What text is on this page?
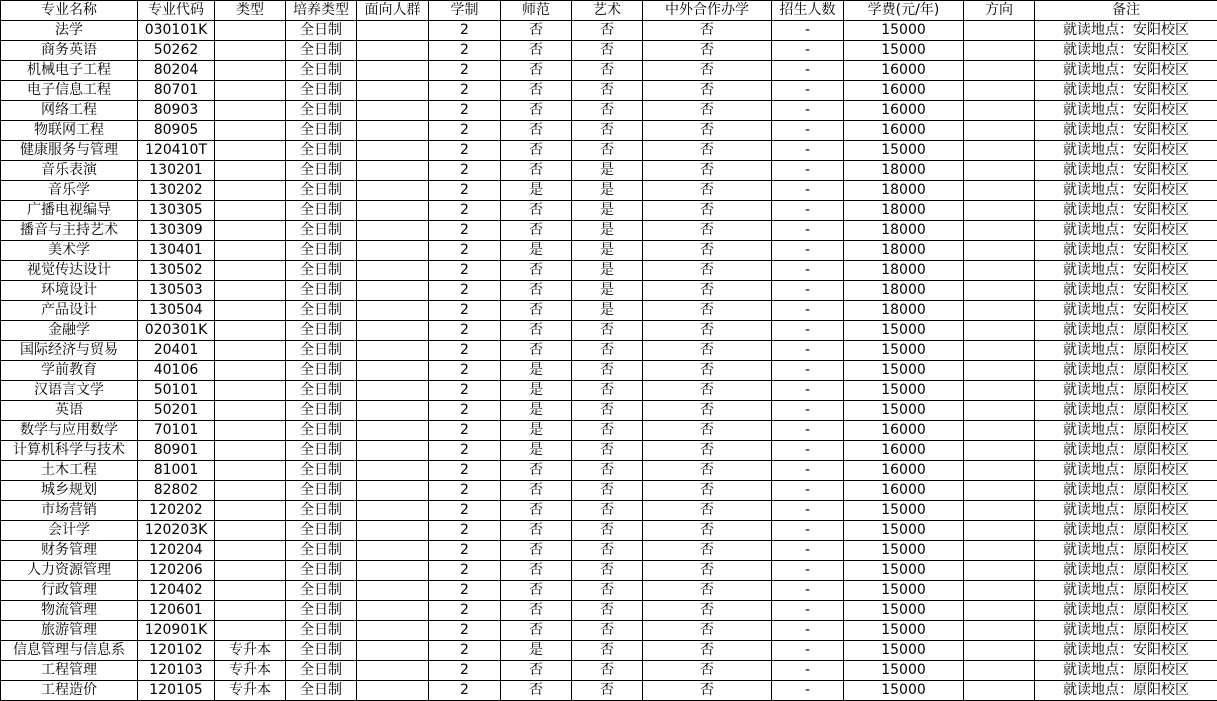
专业名称	专业代码	类型	培养类型	面向人群	学制	师范	艺术	中外合作办学	招生人数	学费(元/年)	方向	备注
法学	030101K		全日制		2	否	否	否	-	15000		就读地点：安阳校区
商务英语	50262		全日制		2	否	否	否	-	15000		就读地点：安阳校区
机械电子工程	80204		全日制		2	否	否	否	-	16000		就读地点：安阳校区
电子信息工程	80701		全日制		2	否	否	否	-	16000		就读地点：安阳校区
网络工程	80903		全日制		2	否	否	否	-	16000		就读地点：安阳校区
物联网工程	80905		全日制		2	否	否	否	-	16000		就读地点：安阳校区
健康服务与管理	120410T		全日制		2	否	否	否	-	15000		就读地点：安阳校区
音乐表演	130201		全日制		2	否	是	否	-	18000		就读地点：安阳校区
音乐学	130202		全日制		2	是	是	否	-	18000		就读地点：安阳校区
广播电视编导	130305		全日制		2	否	是	否	-	18000		就读地点：安阳校区
播音与主持艺术	130309		全日制		2	否	是	否	-	18000		就读地点：安阳校区
美术学	130401		全日制		2	是	是	否	-	18000		就读地点：安阳校区
视觉传达设计	130502		全日制		2	否	是	否	-	18000		就读地点：安阳校区
环境设计	130503		全日制		2	否	是	否	-	18000		就读地点：安阳校区
产品设计	130504		全日制		2	否	是	否	-	18000		就读地点：安阳校区
金融学	020301K		全日制		2	否	否	否	-	15000		就读地点：原阳校区
国际经济与贸易	20401		全日制		2	否	否	否	-	15000		就读地点：原阳校区
学前教育	40106		全日制		2	是	否	否	-	15000		就读地点：原阳校区
汉语言文学	50101		全日制		2	是	否	否	-	15000		就读地点：原阳校区
英语	50201		全日制		2	是	否	否	-	15000		就读地点：原阳校区
数学与应用数学	70101		全日制		2	是	否	否	-	16000		就读地点：原阳校区
计算机科学与技术	80901		全日制		2	是	否	否	-	16000		就读地点：原阳校区
土木工程	81001		全日制		2	否	否	否	-	16000		就读地点：原阳校区
城乡规划	82802		全日制		2	否	否	否	-	16000		就读地点：原阳校区
市场营销	120202		全日制		2	否	否	否	-	15000		就读地点：原阳校区
会计学	120203K		全日制		2	否	否	否	-	15000		就读地点：原阳校区
财务管理	120204		全日制		2	否	否	否	-	15000		就读地点：原阳校区
人力资源管理	120206		全日制		2	否	否	否	-	15000		就读地点：原阳校区
行政管理	120402		全日制		2	否	否	否	-	15000		就读地点：原阳校区
物流管理	120601		全日制		2	否	否	否	-	15000		就读地点：原阳校区
旅游管理	120901K		全日制		2	否	否	否	-	15000		就读地点：原阳校区
信息管理与信息系	120102	专升本	全日制		2	是	否	否	-	15000		就读地点：安阳校区
工程管理	120103	专升本	全日制		2	否	否	否	-	15000		就读地点：原阳校区
工程造价	120105	专升本	全日制		2	否	否	否	-	15000		就读地点：原阳校区
